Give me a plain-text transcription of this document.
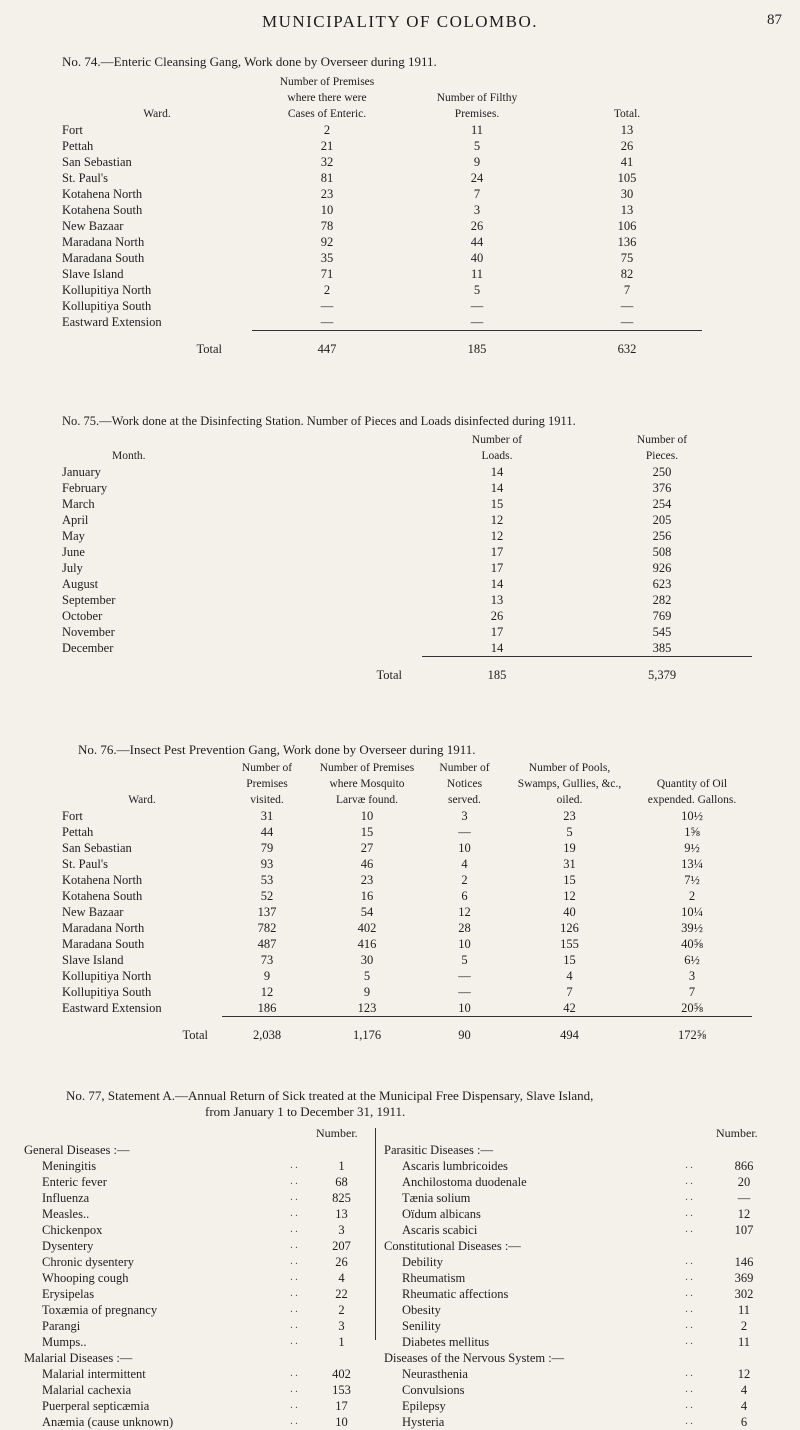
MUNICIPALITY OF COLOMBO.	87
No. 74.—Enteric Cleansing Gang, Work done by Overseer during 1911.
Ward.	Number of Premises where there were Cases of Enteric.	Number of Filthy Premises.	Total.
Fort	2	11	13
Pettah	21	5	26
San Sebastian	32	9	41
St. Paul's	81	24	105
Kotahena North	23	7	30
Kotahena South	10	3	13
New Bazaar	78	26	106
Maradana North	92	44	136
Maradana South	35	40	75
Slave Island	71	11	82
Kollupitiya North	2	5	7
Kollupitiya South	—	—	—
Eastward Extension	—	—	—
Total	447	185	632
No. 75.—Work done at the Disinfecting Station. Number of Pieces and Loads disinfected during 1911.
Month.	Number of Loads.	Number of Pieces.
January	14	250
February	14	376
March	15	254
April	12	205
May	12	256
June	17	508
July	17	926
August	14	623
September	13	282
October	26	769
November	17	545
December	14	385
Total	185	5,379
No. 76.—Insect Pest Prevention Gang, Work done by Overseer during 1911.
Ward.	Number of Premises visited.	Number of Premises where Mosquito Larvæ found.	Number of Notices served.	Number of Pools, Swamps, Gullies, &c., oiled.	Quantity of Oil expended. Gallons.
Fort	31	10	3	23	10½
Pettah	44	15	—	5	1⅝
San Sebastian	79	27	10	19	9½
St. Paul's	93	46	4	31	13¼
Kotahena North	53	23	2	15	7½
Kotahena South	52	16	6	12	2
New Bazaar	137	54	12	40	10¼
Maradana North	782	402	28	126	39½
Maradana South	487	416	10	155	40⅝
Slave Island	73	30	5	15	6½
Kollupitiya North	9	5	—	4	3
Kollupitiya South	12	9	—	7	7
Eastward Extension	186	123	10	42	20⅝
Total	2,038	1,176	90	494	172⅝
No. 77, Statement A.—Annual Return of Sick treated at the Municipal Free Dispensary, Slave Island,
from January 1 to December 31, 1911.
Number.	Number.
General Diseases :—		
Meningitis	. .	1
Enteric fever	. .	68
Influenza	. .	825
Measles..	. .	13
Chickenpox	. .	3
Dysentery	. .	207
Chronic dysentery	. .	26
Whooping cough	. .	4
Erysipelas	. .	22
Toxæmia of pregnancy	. .	2
Parangi	. .	3
Mumps..	. .	1
Malarial Diseases :—		
Malarial intermittent	. .	402
Malarial cachexia	. .	153
Puerperal septicæmia	. .	17
Anæmia (cause unknown)	. .	10
Parasitic Diseases :—		
Ascaris lumbricoides	. .	866
Anchilostoma duodenale	. .	20
Tænia solium	. .	—
Oïdum albicans	. .	12
Ascaris scabici	. .	107
Constitutional Diseases :—		
Debility	. .	146
Rheumatism	. .	369
Rheumatic affections	. .	302
Obesity	. .	11
Senility	. .	2
Diabetes mellitus	. .	11
Diseases of the Nervous System :—		
Neurasthenia	. .	12
Convulsions	. .	4
Epilepsy	. .	4
Hysteria	. .	6
